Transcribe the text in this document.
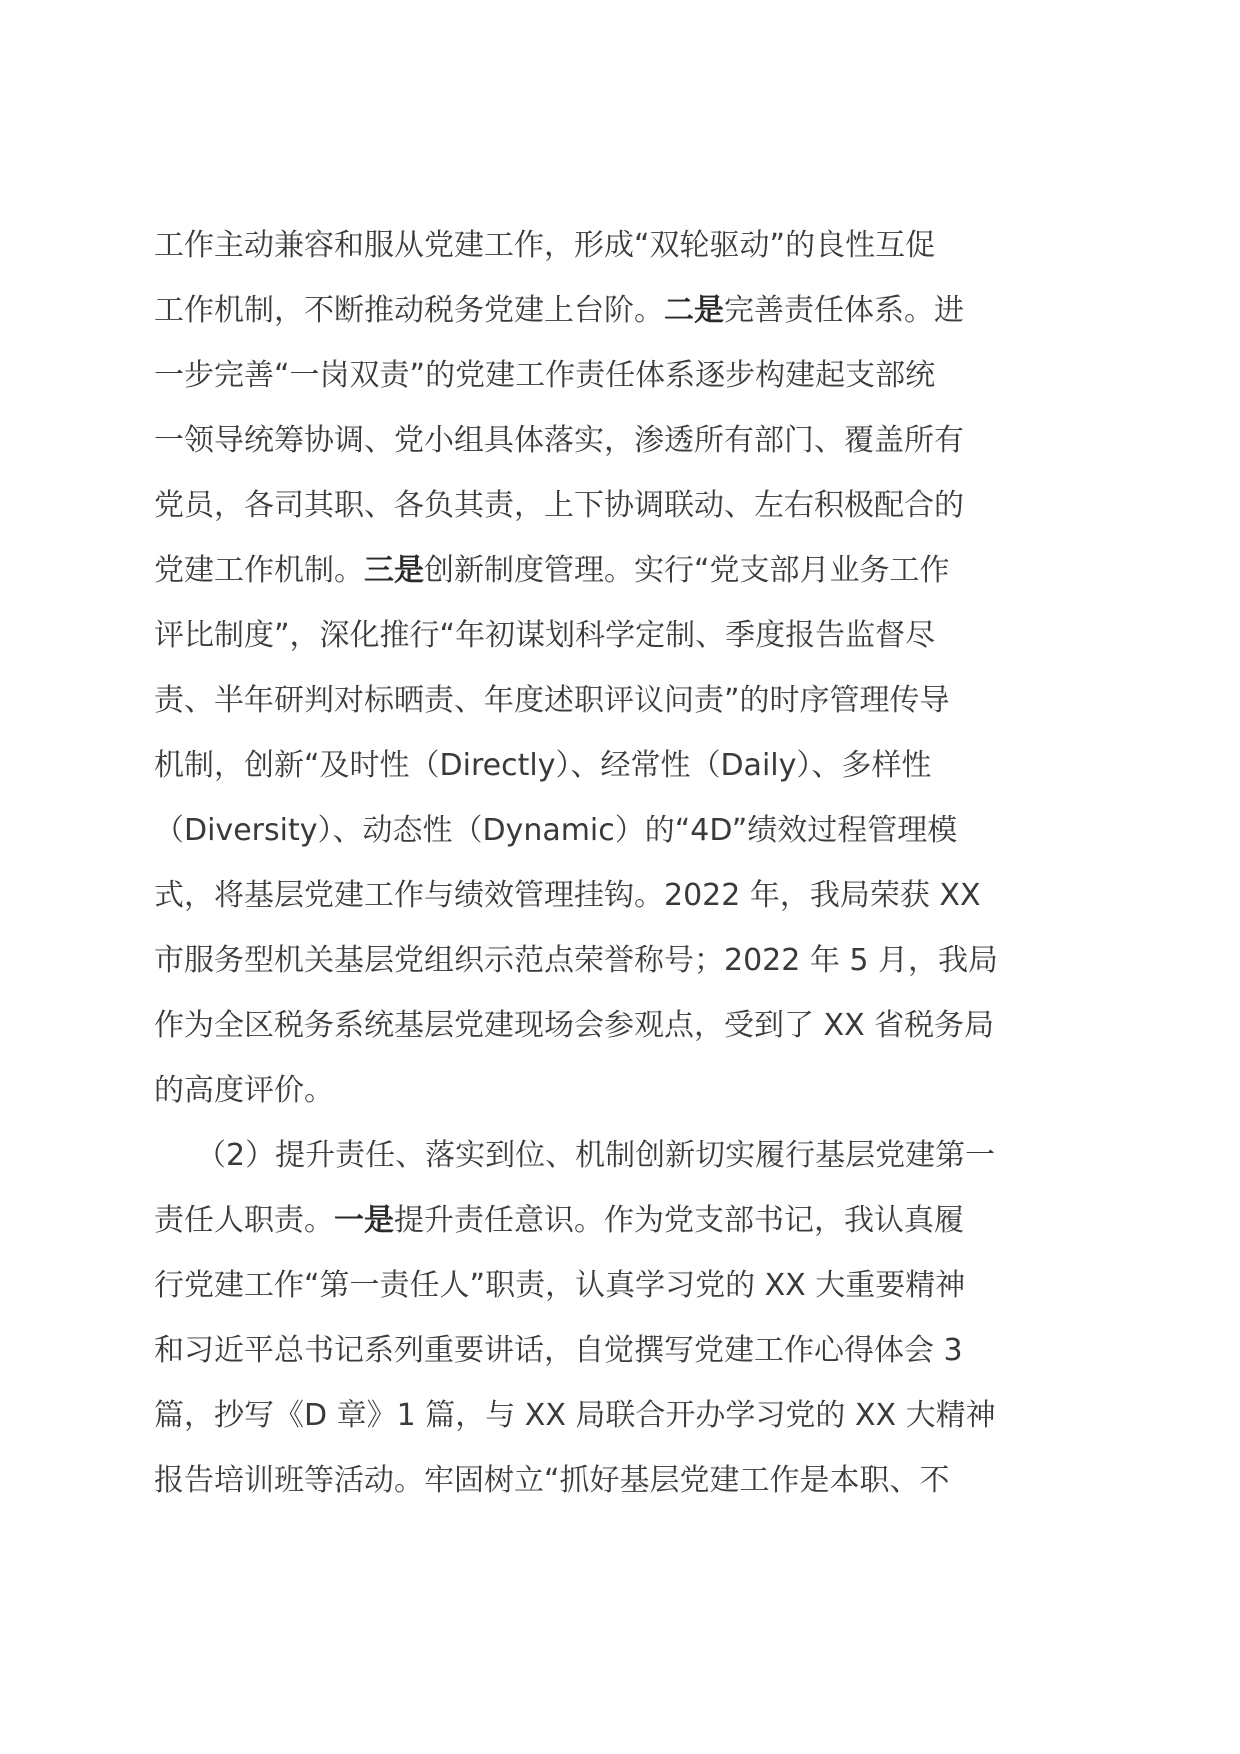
工作主动兼容和服从党建工作，形成“双轮驱动”的良性互促
工作机制，不断推动税务党建上台阶。二是完善责任体系。进
一步完善“一岗双责”的党建工作责任体系逐步构建起支部统
一领导统筹协调、党小组具体落实，渗透所有部门、覆盖所有
党员，各司其职、各负其责，上下协调联动、左右积极配合的
党建工作机制。三是创新制度管理。实行“党支部月业务工作
评比制度”，深化推行“年初谋划科学定制、季度报告监督尽
责、半年研判对标晒责、年度述职评议问责”的时序管理传导
机制，创新“及时性（Directly）、经常性（Daily）、多样性
（Diversity）、动态性（Dynamic）的“4D”绩效过程管理模
式，将基层党建工作与绩效管理挂钩。2022 年，我局荣获 XX
市服务型机关基层党组织示范点荣誉称号；2022 年 5 月，我局
作为全区税务系统基层党建现场会参观点，受到了 XX 省税务局
的高度评价。
（2）提升责任、落实到位、机制创新切实履行基层党建第一
责任人职责。一是提升责任意识。作为党支部书记，我认真履
行党建工作“第一责任人”职责，认真学习党的 XX 大重要精神
和习近平总书记系列重要讲话，自觉撰写党建工作心得体会 3
篇，抄写《D 章》1 篇，与 XX 局联合开办学习党的 XX 大精神
报告培训班等活动。牢固树立“抓好基层党建工作是本职、不
